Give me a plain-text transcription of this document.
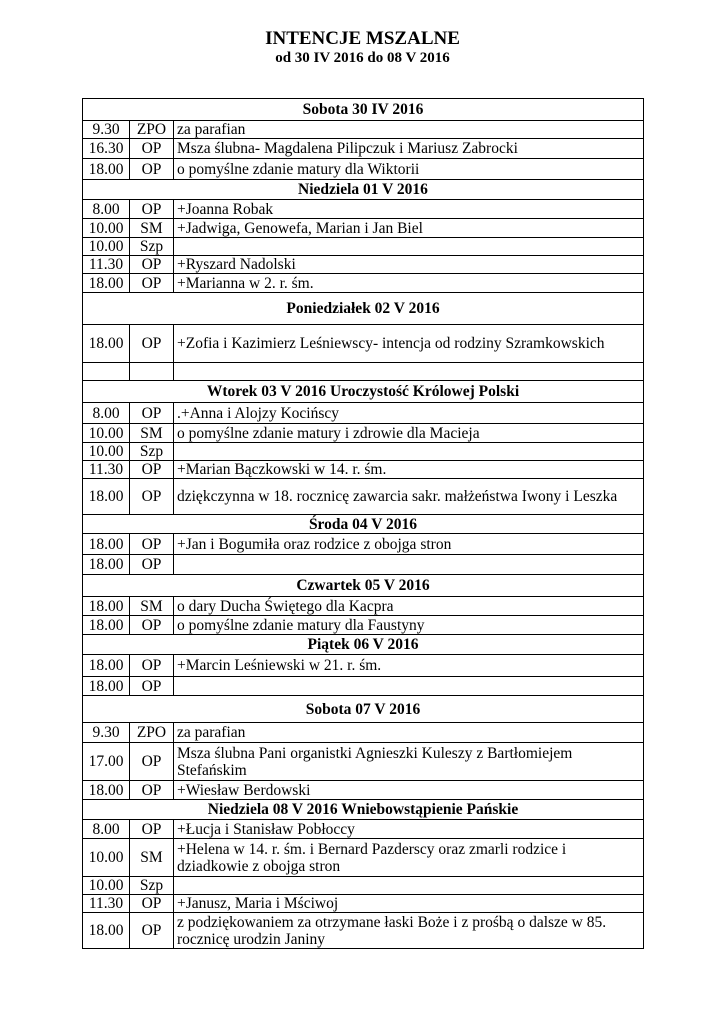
INTENCJE MSZALNE
od 30 IV 2016 do 08 V 2016
Sobota 30 IV 2016		
9.30	ZPO	za parafian
16.30	OP	Msza ślubna- Magdalena Pilipczuk i Mariusz Zabrocki
18.00	OP	o pomyślne zdanie matury dla Wiktorii
Niedziela 01 V 2016		
8.00	OP	+Joanna Robak
10.00	SM	+Jadwiga, Genowefa, Marian i Jan Biel
10.00	Szp	
11.30	OP	+Ryszard Nadolski
18.00	OP	+Marianna w 2. r. śm.
Poniedziałek 02 V 2016		
18.00	OP	+Zofia i Kazimierz Leśniewscy- intencja od rodziny Szramkowskich

Wtorek 03 V 2016 Uroczystość Królowej Polski		
8.00	OP	.+Anna i Alojzy Kocińscy
10.00	SM	o pomyślne zdanie matury i zdrowie dla Macieja
10.00	Szp	
11.30	OP	+Marian Bączkowski w 14. r. śm.
18.00	OP	dziękczynna w 18. rocznicę zawarcia sakr. małżeństwa Iwony i Leszka
Środa 04 V 2016		
18.00	OP	+Jan i Bogumiła oraz rodzice z obojga stron
18.00	OP	
Czwartek 05 V 2016		
18.00	SM	o dary Ducha Świętego dla Kacpra
18.00	OP	o pomyślne zdanie matury dla Faustyny
Piątek 06 V 2016		
18.00	OP	+Marcin Leśniewski w 21. r. śm.
18.00	OP	
Sobota 07 V 2016		
9.30	ZPO	za parafian
17.00	OP	Msza ślubna Pani organistki Agnieszki Kuleszy z Bartłomiejem Stefańskim
18.00	OP	+Wiesław Berdowski
Niedziela 08 V 2016 Wniebowstąpienie Pańskie		
8.00	OP	+Łucja i Stanisław Pobłoccy
10.00	SM	+Helena w 14. r. śm. i Bernard Pazderscy oraz zmarli rodzice i dziadkowie z obojga stron
10.00	Szp	
11.30	OP	+Janusz, Maria i Mściwoj
18.00	OP	z podziękowaniem za otrzymane łaski Boże i z prośbą o dalsze w 85. rocznicę urodzin Janiny
